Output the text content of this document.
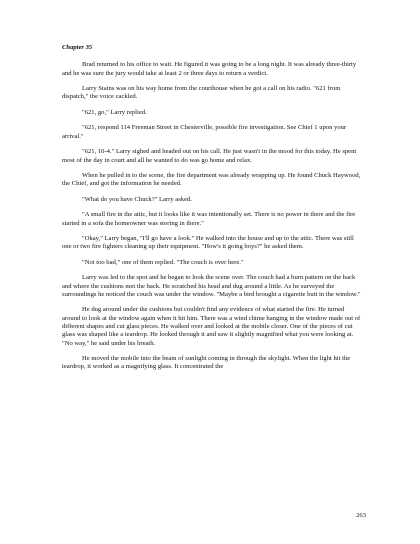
Chapter 35

Brad returned to his office to wait. He figured it was going to be a long night. It was already three-thirty and he was sure the jury would take at least 2 or three days to return a verdict.

Larry Stains was on his way home from the courthouse when he got a call on his radio. "621 from dispatch," the voice cackled.

"621, go," Larry replied.

"621, respond 114 Freeman Street in Chesterville, possible fire investigation. See Chief 1 upon your arrival."

"621, 10-4." Larry sighed and headed out on his call. He just wasn't in the mood for this today. He spent most of the day in court and all he wanted to do was go home and relax.

When he pulled in to the scene, the fire department was already wrapping up. He found Chuck Haywood, the Chief, and got the information he needed.

"What do you have Chuck?" Larry asked.

"A small fire in the attic, but it looks like it was intentionally set. There is no power in there and the fire started in a sofa the homeowner was storing in there."

"Okay," Larry began, "I'll go have a look." He walked into the house and up to the attic. There was still one or two fire fighters cleaning up their equipment. "How's it going boys?" he asked them.

"Not too bad," one of them replied. "The couch is over here."

Larry was led to the spot and he began to look the scene over. The couch had a burn pattern on the back and where the cushions met the back. He scratched his head and dug around a little. As he surveyed the surroundings he noticed the couch was under the window. "Maybe a bird brought a cigarette butt in the window."

He dug around under the cushions but couldn't find any evidence of what started the fire. He turned around to look at the window again when it hit him. There was a wind chime hanging in the window made out of different shapes and cut glass pieces. He walked over and looked at the mobile closer. One of the pieces of cut glass was shaped like a teardrop. He looked through it and saw it slightly magnified what you were looking at. "No way," he said under his breath.

He moved the mobile into the beam of sunlight coming in through the skylight. When the light hit the teardrop, it worked as a magnifying glass. It concentrated the

263
